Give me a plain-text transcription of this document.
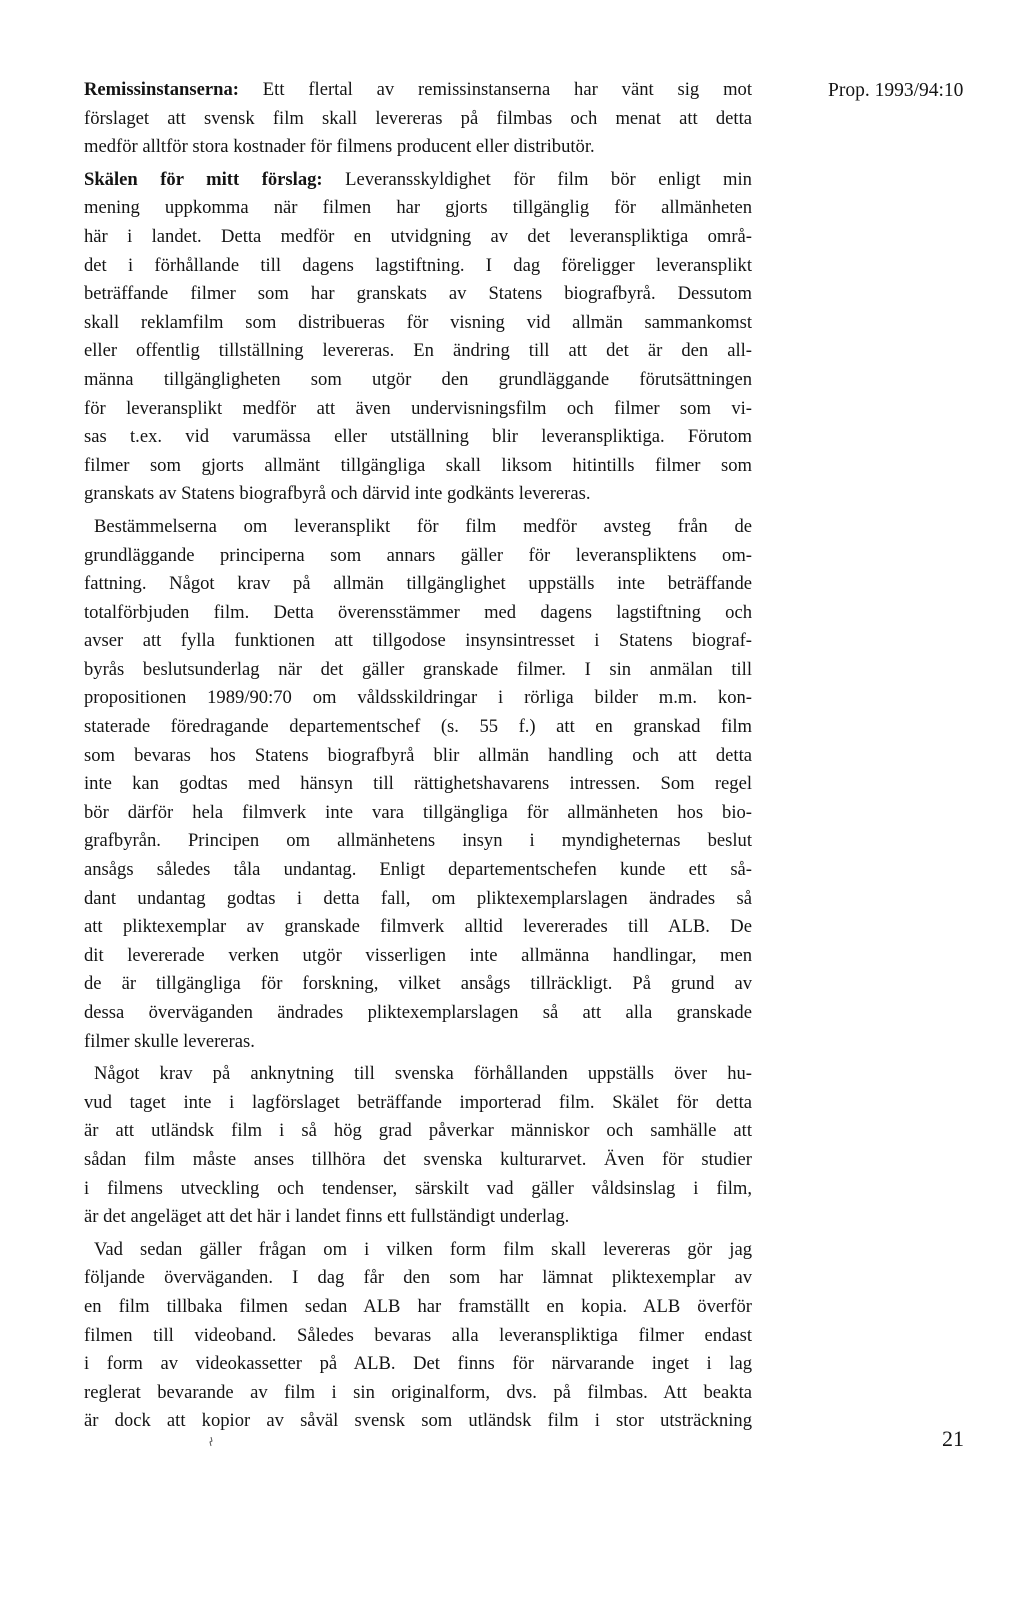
Prop. 1993/94:10
Remissinstanserna: Ett flertal av remissinstanserna har vänt sig mot
förslaget att svensk film skall levereras på filmbas och menat att detta
medför alltför stora kostnader för filmens producent eller distributör.
Skälen för mitt förslag: Leveransskyldighet för film bör enligt min
mening uppkomma när filmen har gjorts tillgänglig för allmänheten
här i landet. Detta medför en utvidgning av det leveranspliktiga områ-
det i förhållande till dagens lagstiftning. I dag föreligger leveransplikt
beträffande filmer som har granskats av Statens biografbyrå. Dessutom
skall reklamfilm som distribueras för visning vid allmän sammankomst
eller offentlig tillställning levereras. En ändring till att det är den all-
männa tillgängligheten som utgör den grundläggande förutsättningen
för leveransplikt medför att även undervisningsfilm och filmer som vi-
sas t.ex. vid varumässa eller utställning blir leveranspliktiga. Förutom
filmer som gjorts allmänt tillgängliga skall liksom hitintills filmer som
granskats av Statens biografbyrå och därvid inte godkänts levereras.
Bestämmelserna om leveransplikt för film medför avsteg från de
grundläggande principerna som annars gäller för leveranspliktens om-
fattning. Något krav på allmän tillgänglighet uppställs inte beträffande
totalförbjuden film. Detta överensstämmer med dagens lagstiftning och
avser att fylla funktionen att tillgodose insynsintresset i Statens biograf-
byrås beslutsunderlag när det gäller granskade filmer. I sin anmälan till
propositionen 1989/90:70 om våldsskildringar i rörliga bilder m.m. kon-
staterade föredragande departementschef (s. 55 f.) att en granskad film
som bevaras hos Statens biografbyrå blir allmän handling och att detta
inte kan godtas med hänsyn till rättighetshavarens intressen. Som regel
bör därför hela filmverk inte vara tillgängliga för allmänheten hos bio-
grafbyrån. Principen om allmänhetens insyn i myndigheternas beslut
ansågs således tåla undantag. Enligt departementschefen kunde ett så-
dant undantag godtas i detta fall, om pliktexemplarslagen ändrades så
att pliktexemplar av granskade filmverk alltid levererades till ALB. De
dit levererade verken utgör visserligen inte allmänna handlingar, men
de är tillgängliga för forskning, vilket ansågs tillräckligt. På grund av
dessa överväganden ändrades pliktexemplarslagen så att alla granskade
filmer skulle levereras.
Något krav på anknytning till svenska förhållanden uppställs över hu-
vud taget inte i lagförslaget beträffande importerad film. Skälet för detta
är att utländsk film i så hög grad påverkar människor och samhälle att
sådan film måste anses tillhöra det svenska kulturarvet. Även för studier
i filmens utveckling och tendenser, särskilt vad gäller våldsinslag i film,
är det angeläget att det här i landet finns ett fullständigt underlag.
Vad sedan gäller frågan om i vilken form film skall levereras gör jag
följande överväganden. I dag får den som har lämnat pliktexemplar av
en film tillbaka filmen sedan ALB har framställt en kopia. ALB överför
filmen till videoband. Således bevaras alla leveranspliktiga filmer endast
i form av videokassetter på ALB. Det finns för närvarande inget i lag
reglerat bevarande av film i sin originalform, dvs. på filmbas. Att beakta
är dock att kopior av såväl svensk som utländsk film i stor utsträckning
21
